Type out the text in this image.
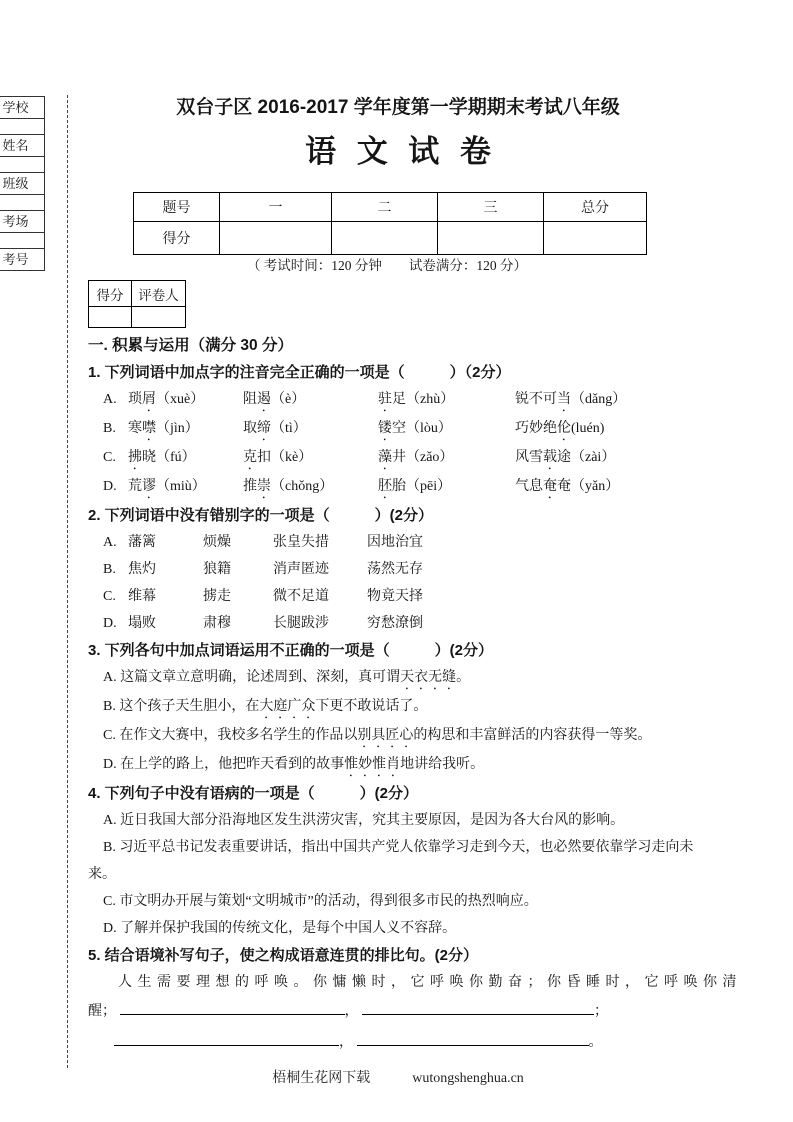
学校
姓名
班级
考场
考号
双台子区 2016-2017 学年度第一学期期末考试八年级
语 文 试 卷
题号	一	二	三	总分
得分				
（ 考试时间：120 分钟　　试卷满分：120 分）
得分	评卷人

一. 积累与运用（满分 30 分）
1. 下列词语中加点字的注音完全正确的一项是（　　　）（2分）
A. 琐屑（xuè）	阻遏（è）	驻足（zhù）	锐不可当（dǎng）
B. 寒噤（jìn）	取缔（tì）	镂空（lòu）	巧妙绝伦(luén)
C. 拂晓（fú）	克扣（kè）	藻井（zǎo）	风雪载途（zài）
D. 荒谬（miù）	推崇（chǒng）	胚胎（pēi）	气息奄奄（yǎn）
2. 下列词语中没有错别字的一项是（　　　）(2分）
A. 藩篱	烦燥	张皇失措	因地治宜
B. 焦灼	狼籍	消声匿迹	荡然无存
C. 维幕	掳走	微不足道	物竟天择
D. 塌败	肃穆	长腿跋涉	穷愁潦倒
3. 下列各句中加点词语运用不正确的一项是（　　　）(2分）
A. 这篇文章立意明确，论述周到、深刻，真可谓天衣无缝。
B. 这个孩子天生胆小，在大庭广众下更不敢说话了。
C. 在作文大赛中，我校多名学生的作品以别具匠心的构思和丰富鲜活的内容获得一等奖。
D. 在上学的路上，他把昨天看到的故事惟妙惟肖地讲给我听。
4. 下列句子中没有语病的一项是（　　　）(2分）
A. 近日我国大部分沿海地区发生洪涝灾害，究其主要原因，是因为各大台风的影响。
B. 习近平总书记发表重要讲话，指出中国共产党人依靠学习走到今天，也必然要依靠学习走向未
来。
C. 市文明办开展与策划“文明城市”的活动，得到很多市民的热烈响应。
D. 了解并保护我国的传统文化，是每个中国人义不容辞。
5. 结合语境补写句子，使之构成语意连贯的排比句。(2分）
人生需要理想的呼唤。你慵懒时，它呼唤你勤奋；你昏睡时，它呼唤你清
醒；	，	；
，	。
梧桐生花网下载	wutongshenghua.cn
